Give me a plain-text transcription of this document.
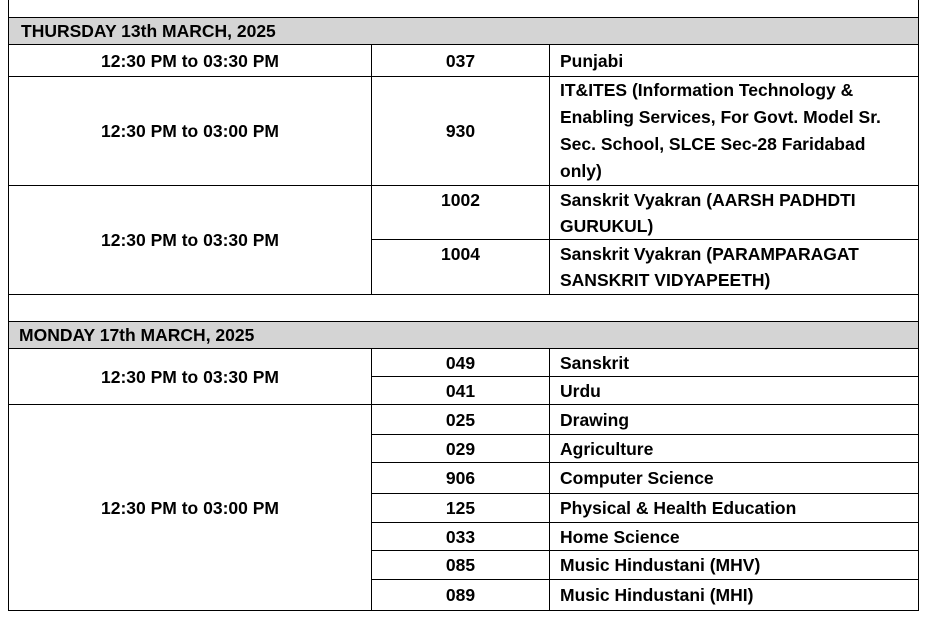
THURSDAY 13th MARCH, 2025		
12:30 PM to 03:30 PM	037	Punjabi
12:30 PM to 03:00 PM	930	IT&ITES (Information Technology & Enabling Services, For Govt. Model Sr. Sec. School, SLCE Sec-28 Faridabad only)
12:30 PM to 03:30 PM	1002	Sanskrit Vyakran (AARSH PADHDTI GURUKUL)
	1004	Sanskrit Vyakran (PARAMPARAGAT SANSKRIT VIDYAPEETH)

MONDAY 17th MARCH, 2025		
12:30 PM to 03:30 PM	049	Sanskrit
	041	Urdu
12:30 PM to 03:00 PM	025	Drawing
	029	Agriculture
	906	Computer Science
	125	Physical & Health Education
	033	Home Science
	085	Music Hindustani (MHV)
	089	Music Hindustani (MHI)
